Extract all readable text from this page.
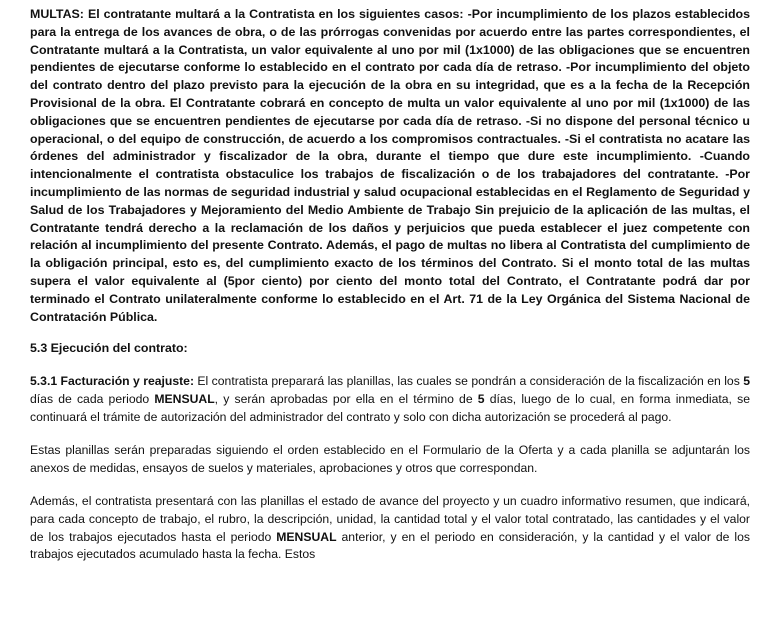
MULTAS: El contratante multará a la Contratista en los siguientes casos: -Por incumplimiento de los plazos establecidos para la entrega de los avances de obra, o de las prórrogas convenidas por acuerdo entre las partes correspondientes, el Contratante multará a la Contratista, un valor equivalente al uno por mil (1x1000) de las obligaciones que se encuentren pendientes de ejecutarse conforme lo establecido en el contrato por cada día de retraso. -Por incumplimiento del objeto del contrato dentro del plazo previsto para la ejecución de la obra en su integridad, que es a la fecha de la Recepción Provisional de la obra. El Contratante cobrará en concepto de multa un valor equivalente al uno por mil (1x1000) de las obligaciones que se encuentren pendientes de ejecutarse por cada día de retraso. -Si no dispone del personal técnico u operacional, o del equipo de construcción, de acuerdo a los compromisos contractuales. -Si el contratista no acatare las órdenes del administrador y fiscalizador de la obra, durante el tiempo que dure este incumplimiento. -Cuando intencionalmente el contratista obstaculice los trabajos de fiscalización o de los trabajadores del contratante. -Por incumplimiento de las normas de seguridad industrial y salud ocupacional establecidas en el Reglamento de Seguridad y Salud de los Trabajadores y Mejoramiento del Medio Ambiente de Trabajo Sin prejuicio de la aplicación de las multas, el Contratante tendrá derecho a la reclamación de los daños y perjuicios que pueda establecer el juez competente con relación al incumplimiento del presente Contrato. Además, el pago de multas no libera al Contratista del cumplimiento de la obligación principal, esto es, del cumplimiento exacto de los términos del Contrato. Si el monto total de las multas supera el valor equivalente al (5por ciento) por ciento del monto total del Contrato, el Contratante podrá dar por terminado el Contrato unilateralmente conforme lo establecido en el Art. 71 de la Ley Orgánica del Sistema Nacional de Contratación Pública.

5.3 Ejecución del contrato:

5.3.1 Facturación y reajuste: El contratista preparará las planillas, las cuales se pondrán a consideración de la fiscalización en los 5 días de cada periodo MENSUAL, y serán aprobadas por ella en el término de 5 días, luego de lo cual, en forma inmediata, se continuará el trámite de autorización del administrador del contrato y solo con dicha autorización se procederá al pago.

Estas planillas serán preparadas siguiendo el orden establecido en el Formulario de la Oferta y a cada planilla se adjuntarán los anexos de medidas, ensayos de suelos y materiales, aprobaciones y otros que correspondan.

Además, el contratista presentará con las planillas el estado de avance del proyecto y un cuadro informativo resumen, que indicará, para cada concepto de trabajo, el rubro, la descripción, unidad, la cantidad total y el valor total contratado, las cantidades y el valor de los trabajos ejecutados hasta el periodo MENSUAL anterior, y en el periodo en consideración, y la cantidad y el valor de los trabajos ejecutados acumulado hasta la fecha. Estos
